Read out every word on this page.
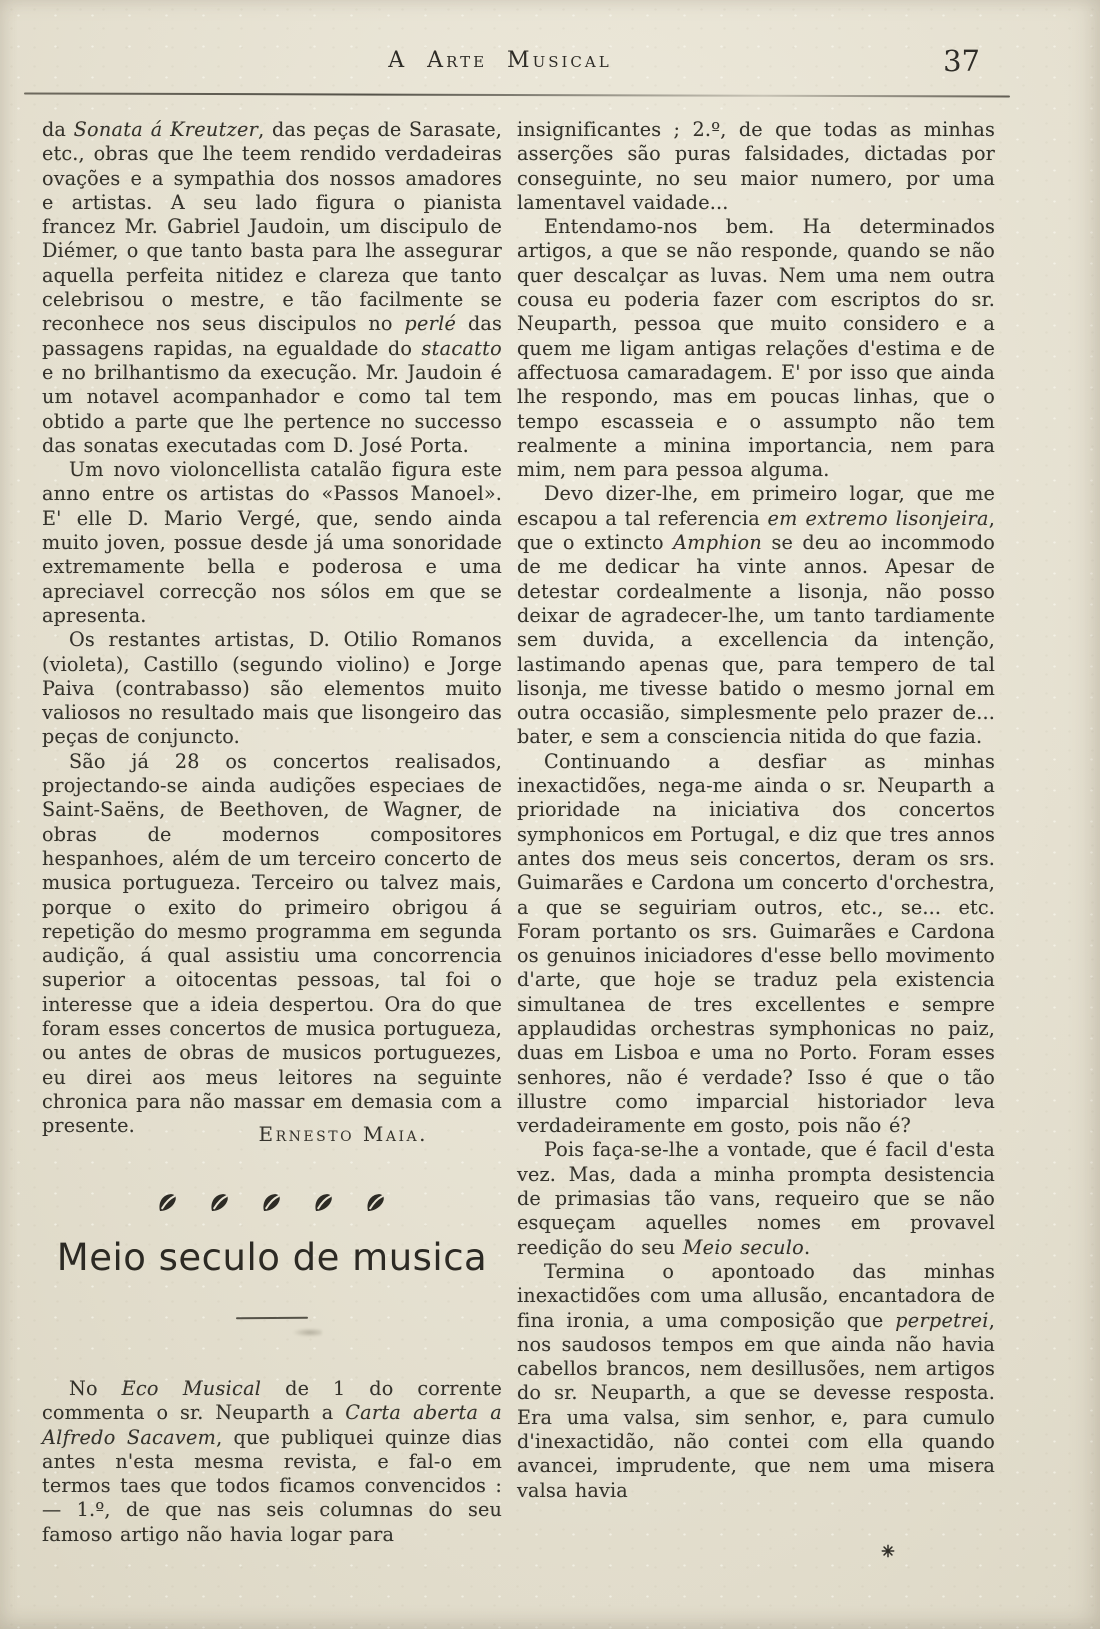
A Arte Musical	37

da Sonata á Kreutzer, das peças de Sarasate, etc., obras que lhe teem rendido verdadeiras ovações e a sympathia dos nossos amadores e artistas. A seu lado figura o pianista francez Mr. Gabriel Jaudoin, um discipulo de Diémer, o que tanto basta para lhe assegurar aquella perfeita nitidez e clareza que tanto celebrisou o mestre, e tão facilmente se reconhece nos seus discipulos no perlé das passagens rapidas, na egualdade do stacatto e no brilhantismo da execução. Mr. Jaudoin é um notavel acompanhador e como tal tem obtido a parte que lhe pertence no successo das sonatas executadas com D. José Porta.

Um novo violoncellista catalão figura este anno entre os artistas do «Passos Manoel». E' elle D. Mario Vergé, que, sendo ainda muito joven, possue desde já uma sonoridade extremamente bella e poderosa e uma apreciavel correcção nos sólos em que se apresenta.

Os restantes artistas, D. Otilio Romanos (violeta), Castillo (segundo violino) e Jorge Paiva (contrabasso) são elementos muito valiosos no resultado mais que lisongeiro das peças de conjuncto.

São já 28 os concertos realisados, projectando-se ainda audições especiaes de Saint-Saëns, de Beethoven, de Wagner, de obras de modernos compositores hespanhoes, além de um terceiro concerto de musica portugueza. Terceiro ou talvez mais, porque o exito do primeiro obrigou á repetição do mesmo programma em segunda audição, á qual assistiu uma concorrencia superior a oitocentas pessoas, tal foi o interesse que a ideia despertou. Ora do que foram esses concertos de musica portugueza, ou antes de obras de musicos portuguezes, eu direi aos meus leitores na seguinte chronica para não massar em demasia com a presente.	Ernesto Maia.
Meio seculo de musica

No Eco Musical de 1 do corrente commenta o sr. Neuparth a Carta aberta a Alfredo Sacavem, que publiquei quinze dias antes n'esta mesma revista, e fal-o em termos taes que todos ficamos convencidos : — 1.º, de que nas seis columnas do seu famoso artigo não havia logar para

insignificantes ; 2.º, de que todas as minhas asserções são puras falsidades, dictadas por conseguinte, no seu maior numero, por uma lamentavel vaidade...

Entendamo-nos bem. Ha determinados artigos, a que se não responde, quando se não quer descalçar as luvas. Nem uma nem outra cousa eu poderia fazer com escriptos do sr. Neuparth, pessoa que muito considero e a quem me ligam antigas relações d'estima e de affectuosa camaradagem. E' por isso que ainda lhe respondo, mas em poucas linhas, que o tempo escasseia e o assumpto não tem realmente a minina importancia, nem para mim, nem para pessoa alguma.

Devo dizer-lhe, em primeiro logar, que me escapou a tal referencia em extremo lisonjeira, que o extincto Amphion se deu ao incommodo de me dedicar ha vinte annos. Apesar de detestar cordealmente a lisonja, não posso deixar de agradecer-lhe, um tanto tardiamente sem duvida, a excellencia da intenção, lastimando apenas que, para tempero de tal lisonja, me tivesse batido o mesmo jornal em outra occasião, simplesmente pelo prazer de... bater, e sem a consciencia nitida do que fazia.

Continuando a desfiar as minhas inexactidões, nega-me ainda o sr. Neuparth a prioridade na iniciativa dos concertos symphonicos em Portugal, e diz que tres annos antes dos meus seis concertos, deram os srs. Guimarães e Cardona um concerto d'orchestra, a que se seguiriam outros, etc., se... etc. Foram portanto os srs. Guimarães e Cardona os genuinos iniciadores d'esse bello movimento d'arte, que hoje se traduz pela existencia simultanea de tres excellentes e sempre applaudidas orchestras symphonicas no paiz, duas em Lisboa e uma no Porto. Foram esses senhores, não é verdade? Isso é que o tão illustre como imparcial historiador leva verdadeiramente em gosto, pois não é?

Pois faça-se-lhe a vontade, que é facil d'esta vez. Mas, dada a minha prompta desistencia de primasias tão vans, requeiro que se não esqueçam aquelles nomes em provavel reedição do seu Meio seculo.

Termina o apontoado das minhas inexactidões com uma allusão, encantadora de fina ironia, a uma composição que perpetrei, nos saudosos tempos em que ainda não havia cabellos brancos, nem desillusões, nem artigos do sr. Neuparth, a que se devesse resposta. Era uma valsa, sim senhor, e, para cumulo d'inexactidão, não contei com ella quando avancei, imprudente, que nem uma misera valsa havia
